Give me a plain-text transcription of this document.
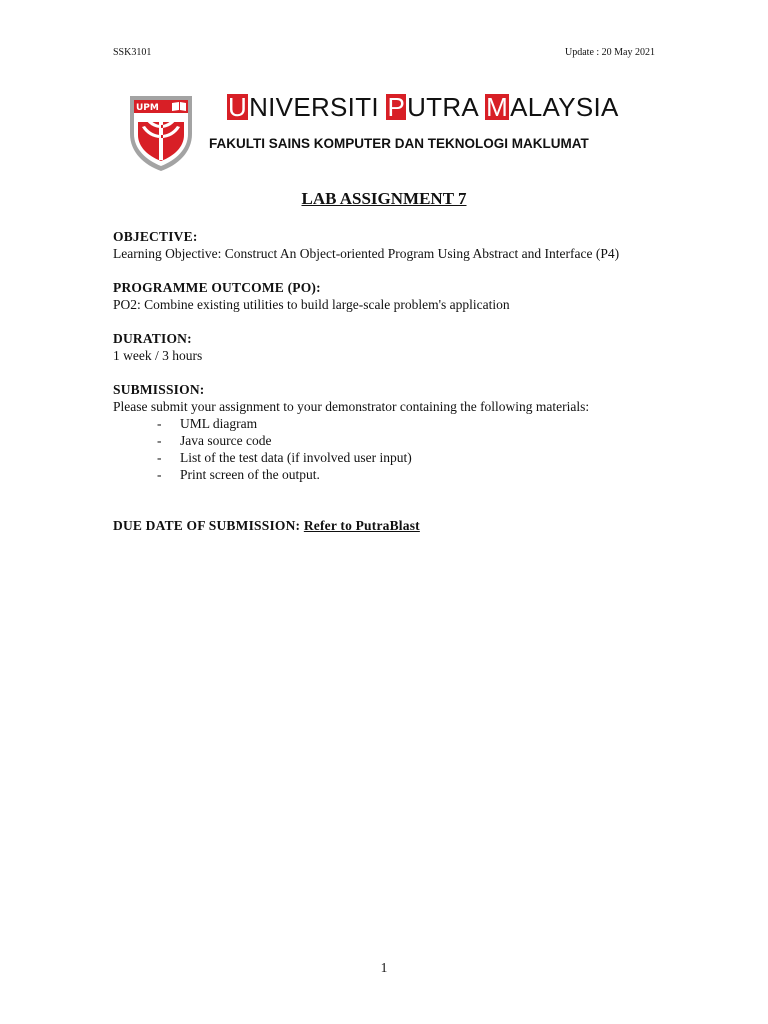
SSK3101	Update : 20 May 2021
UPM	UNIVERSITI PUTRA MALAYSIA
FAKULTI SAINS KOMPUTER DAN TEKNOLOGI MAKLUMAT
LAB ASSIGNMENT 7
OBJECTIVE:
Learning Objective: Construct An Object-oriented Program Using Abstract and Interface (P4)
PROGRAMME OUTCOME (PO):
PO2: Combine existing utilities to build large-scale problem's application
DURATION:
1 week / 3 hours
SUBMISSION:
Please submit your assignment to your demonstrator containing the following materials:
- UML diagram
- Java source code
- List of the test data (if involved user input)
- Print screen of the output.
DUE DATE OF SUBMISSION: Refer to PutraBlast
1
